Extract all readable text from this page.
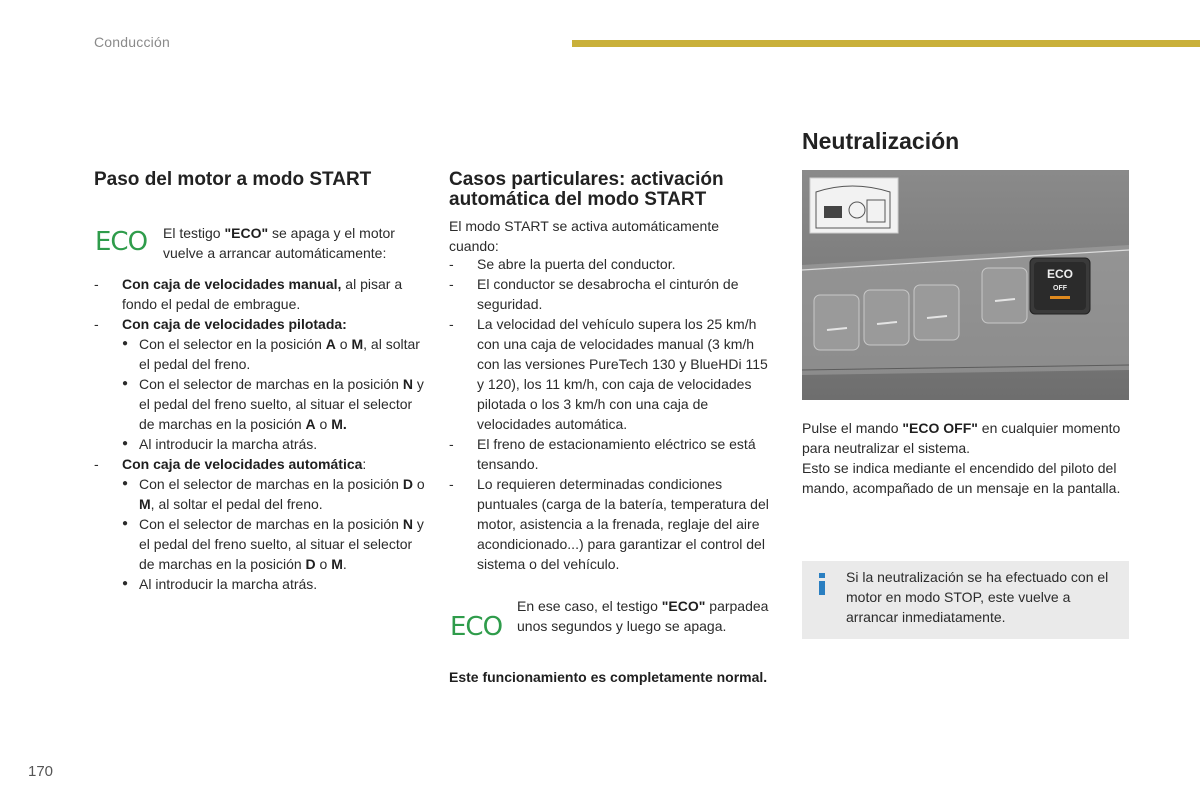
Conducción
Paso del motor a modo START
ECO El testigo "ECO" se apaga y el motor vuelve a arrancar automáticamente:
- Con caja de velocidades manual, al pisar a fondo el pedal de embrague.
- Con caja de velocidades pilotada:
● Con el selector en la posición A o M, al soltar el pedal del freno.
● Con el selector de marchas en la posición N y el pedal del freno suelto, al situar el selector de marchas en la posición A o M.
● Al introducir la marcha atrás.
- Con caja de velocidades automática:
● Con el selector de marchas en la posición D o M, al soltar el pedal del freno.
● Con el selector de marchas en la posición N y el pedal del freno suelto, al situar el selector de marchas en la posición D o M.
● Al introducir la marcha atrás.
Casos particulares: activación automática del modo START
El modo START se activa automáticamente cuando:
- Se abre la puerta del conductor.
- El conductor se desabrocha el cinturón de seguridad.
- La velocidad del vehículo supera los 25 km/h con una caja de velocidades manual (3 km/h con las versiones PureTech 130 y BlueHDi 115 y 120), los 11 km/h, con caja de velocidades pilotada o los 3 km/h con una caja de velocidades automática.
- El freno de estacionamiento eléctrico se está tensando.
- Lo requieren determinadas condiciones puntuales (carga de la batería, temperatura del motor, asistencia a la frenada, reglaje del aire acondicionado...) para garantizar el control del sistema o del vehículo.
ECO
En ese caso, el testigo "ECO" parpadea unos segundos y luego se apaga.
Este funcionamiento es completamente normal.
Neutralización
ECO
OFF
Pulse el mando "ECO OFF" en cualquier momento para neutralizar el sistema.
Esto se indica mediante el encendido del piloto del mando, acompañado de un mensaje en la pantalla.
Si la neutralización se ha efectuado con el motor en modo STOP, este vuelve a arrancar inmediatamente.
170
